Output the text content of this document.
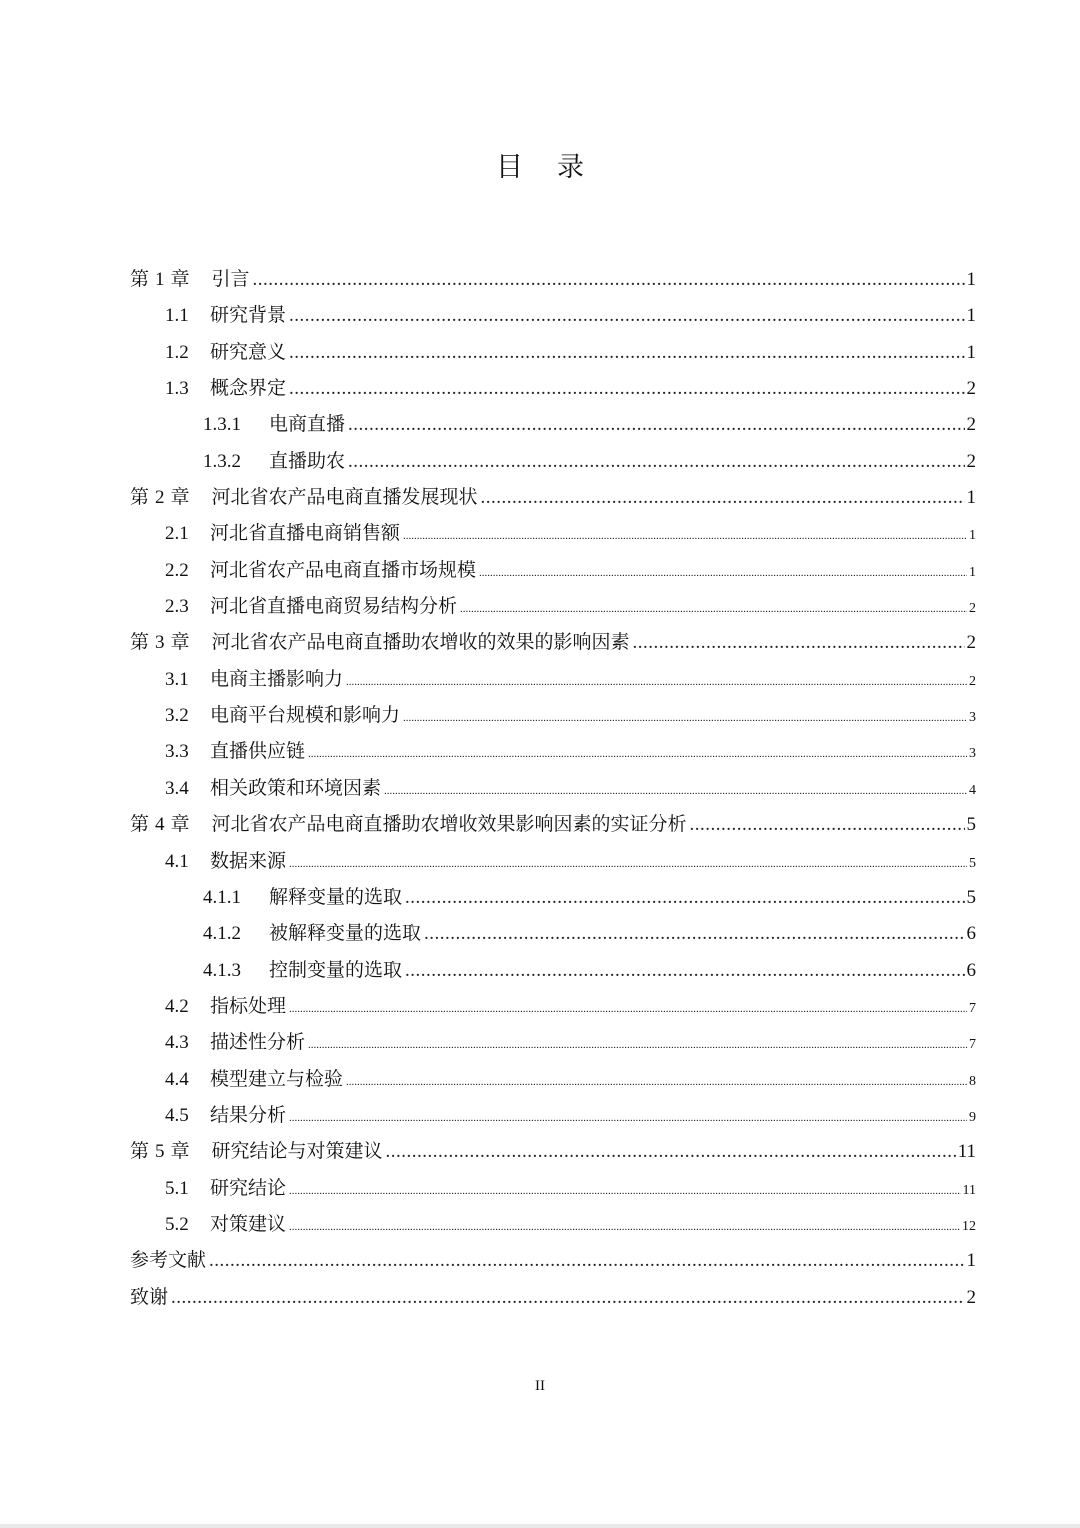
目 录
第 1 章 引言 .....	1
1.1	研究背景 .....	1
1.2	研究意义 .....	1
1.3	概念界定 .....	2
1.3.1	电商直播 .....	2
1.3.2	直播助农 .....	2
第 2 章 河北省农产品电商直播发展现状 .....	1
2.1	河北省直播电商销售额 .....	1
2.2	河北省农产品电商直播市场规模 .....	1
2.3	河北省直播电商贸易结构分析 .....	2
第 3 章 河北省农产品电商直播助农增收的效果的影响因素 .....	2
3.1	电商主播影响力 .....	2
3.2	电商平台规模和影响力 .....	3
3.3	直播供应链 .....	3
3.4	相关政策和环境因素 .....	4
第 4 章 河北省农产品电商直播助农增收效果影响因素的实证分析 .....	5
4.1	数据来源 .....	5
4.1.1	解释变量的选取 .....	5
4.1.2	被解释变量的选取 .....	6
4.1.3	控制变量的选取 .....	6
4.2	指标处理 .....	7
4.3	描述性分析 .....	7
4.4	模型建立与检验 .....	8
4.5	结果分析 .....	9
第 5 章 研究结论与对策建议 .....	11
5.1	研究结论 .....	11
5.2	对策建议 .....	12
参考文献 .....	1
致谢 .....	2
II
